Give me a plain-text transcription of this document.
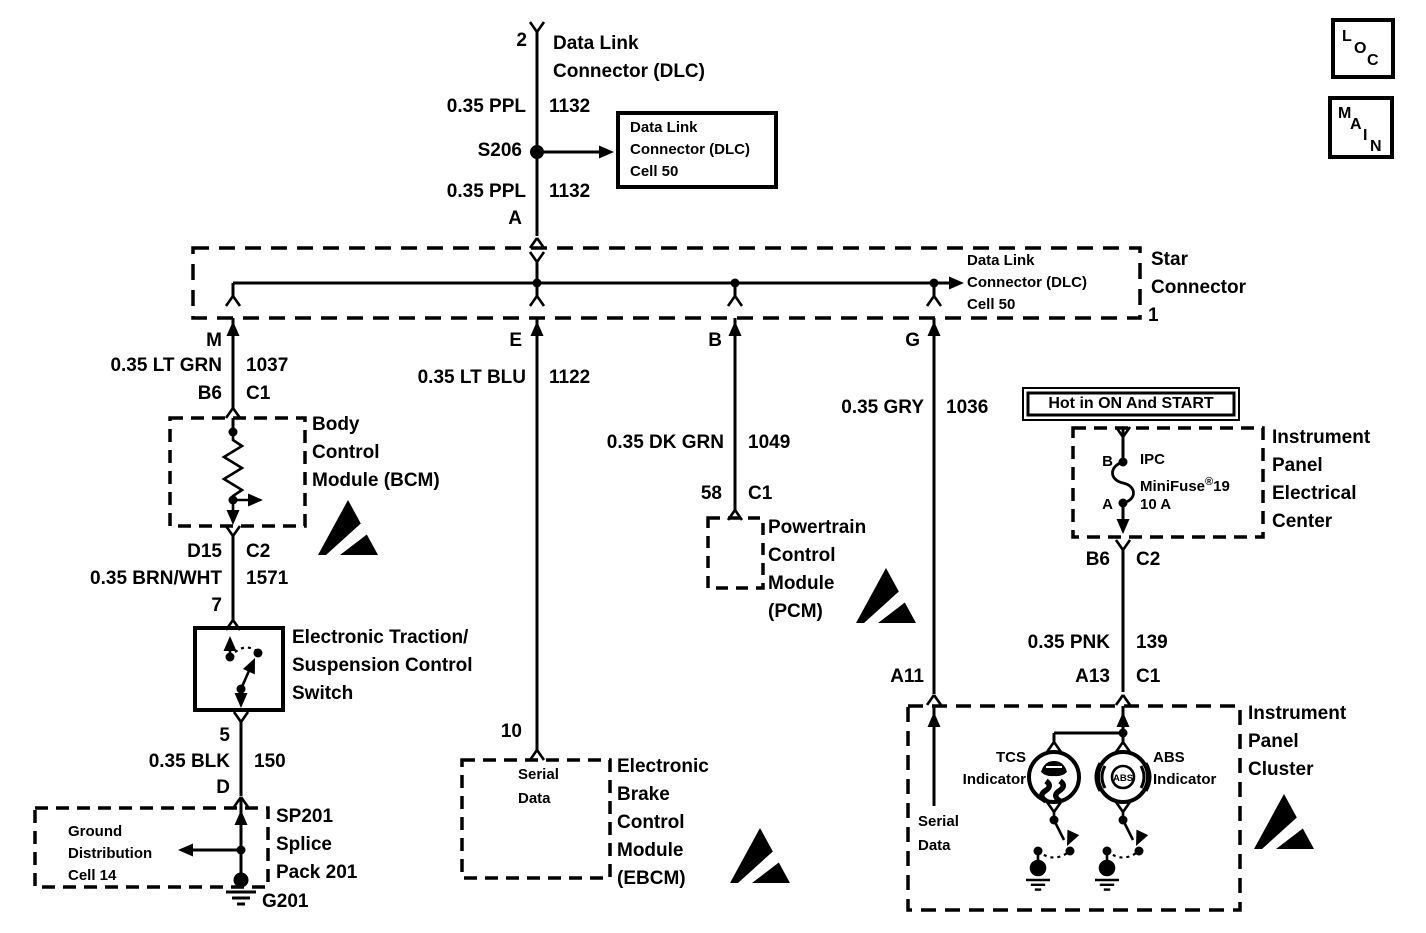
ABS
L
O
C
M
A
I
N
2 Data Link
Connector (DLC)
0.35 PPL 1132
S206
Data Link
Connector (DLC)
Cell 50
0.35 PPL 1132
A
Data Link
Connector (DLC)
Cell 50
Star
Connector
1
M	E	B	G
0.35 LT GRN 1037
B6 C1
Body
Control
Module (BCM)
D15 C2
0.35 BRN/WHT 1571
7
Electronic Traction/
Suspension Control
Switch
5
0.35 BLK 150
D
Ground
Distribution
Cell 14
SP201
Splice
Pack 201
G201
0.35 LT BLU 1122
10
Serial
Data
Electronic
Brake
Control
Module
(EBCM)
0.35 DK GRN 1049
58 C1
Powertrain
Control
Module
(PCM)
0.35 GRY 1036
A11
Hot in ON And START
Instrument
Panel
Electrical
Center
B
A
IPC
MiniFuse®19
10 A
B6 C2
0.35 PNK 139
A13 C1
Instrument
Panel
Cluster
TCS
Indicator
ABS
Indicator
Serial
Data
